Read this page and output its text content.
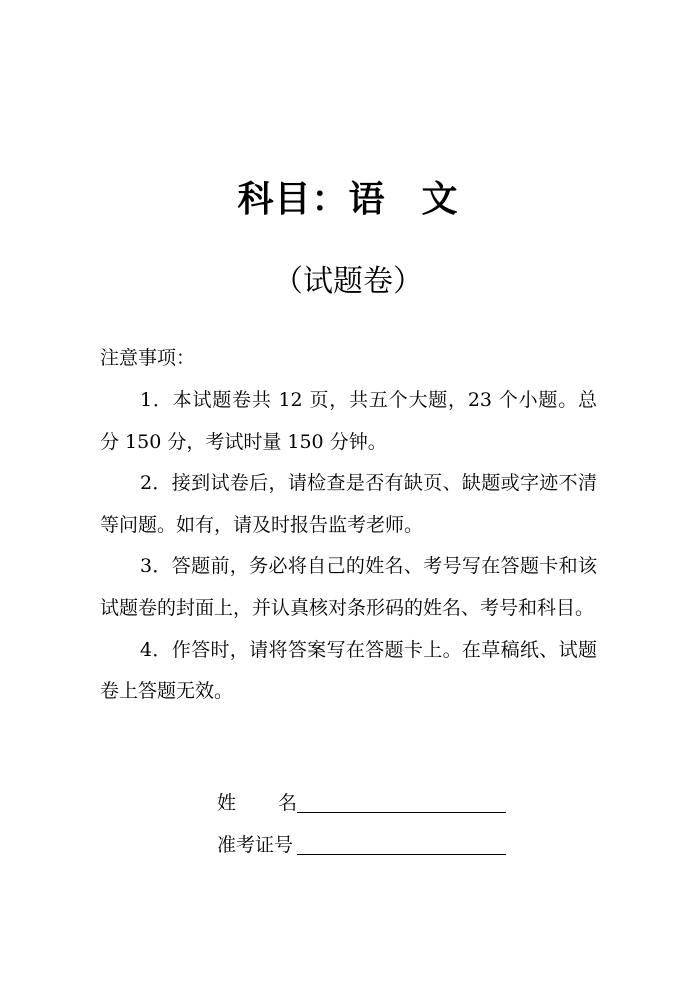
科目：语 文
（试题卷）
注意事项：

1．本试题卷共 12 页，共五个大题，23 个小题。总分 150 分，考试时量 150 分钟。

2．接到试卷后，请检查是否有缺页、缺题或字迹不清等问题。如有，请及时报告监考老师。

3．答题前，务必将自己的姓名、考号写在答题卡和该试题卷的封面上，并认真核对条形码的姓名、考号和科目。

4．作答时，请将答案写在答题卡上。在草稿纸、试题卷上答题无效。

姓 名
准考证号
